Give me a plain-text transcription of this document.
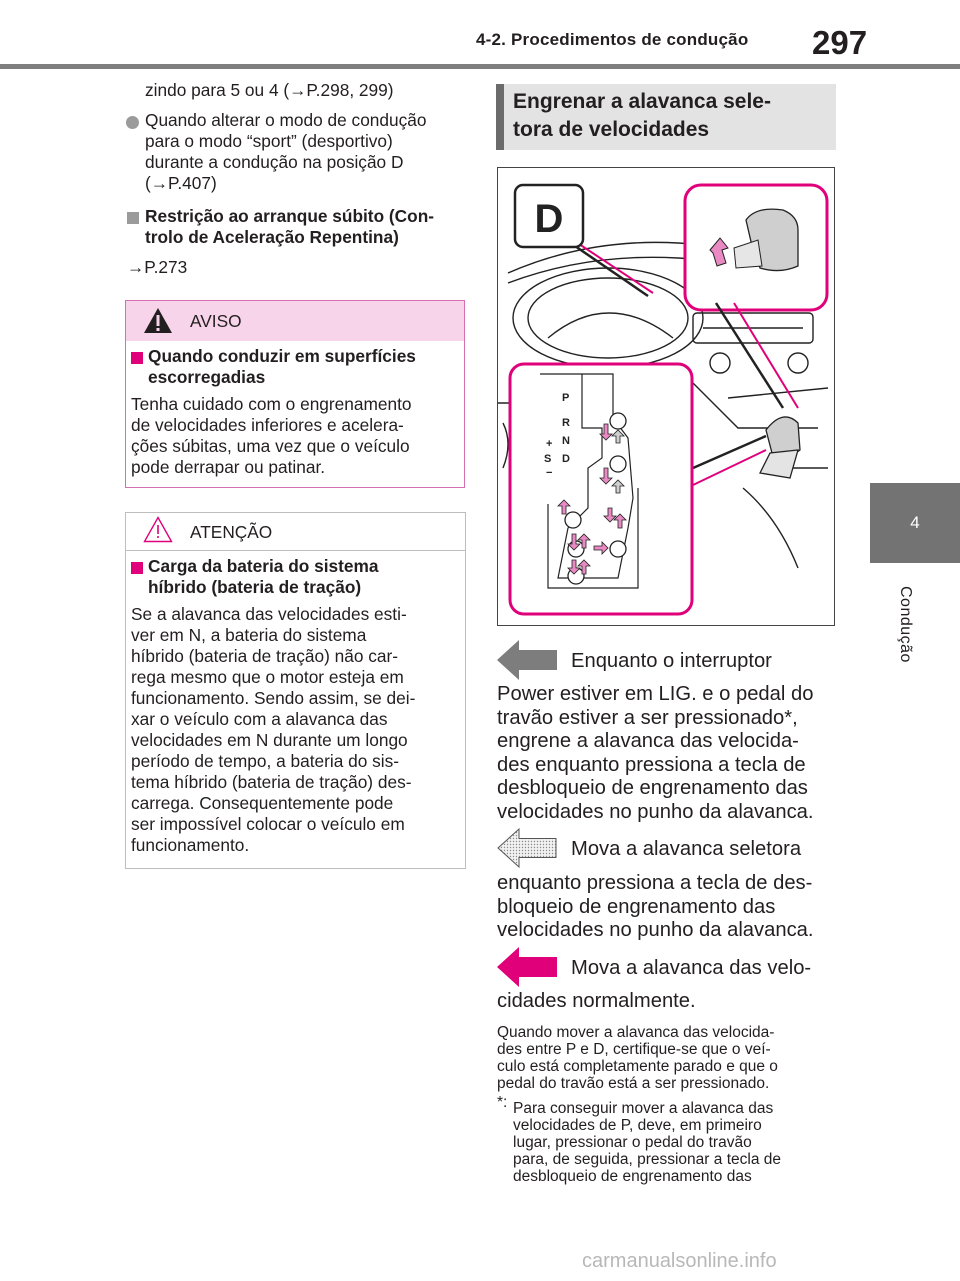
4-2. Procedimentos de condução 297
4
Condução
zindo para 5 ou 4 (→P.298, 299)
Quando alterar o modo de condução
para o modo “sport” (desportivo)
durante a condução na posição D
(→P.407)
Restrição ao arranque súbito (Con-
trolo de Aceleração Repentina)
→P.273
AVISO
Quando conduzir em superfícies
escorregadias
Tenha cuidado com o engrenamento
de velocidades inferiores e acelera-
ções súbitas, uma vez que o veículo
pode derrapar ou patinar.
ATENÇÃO
Carga da bateria do sistema
híbrido (bateria de tração)
Se a alavanca das velocidades esti-
ver em N, a bateria do sistema
híbrido (bateria de tração) não car-
rega mesmo que o motor esteja em
funcionamento. Sendo assim, se dei-
xar o veículo com a alavanca das
velocidades em N durante um longo
período de tempo, a bateria do sis-
tema híbrido (bateria de tração) des-
carrega. Consequentemente pode
ser impossível colocar o veículo em
funcionamento.
Engrenar a alavanca sele-
tora de velocidades
D
P
R
N
D
S
+
−
Enquanto o interruptor
Power estiver em LIG. e o pedal do
travão estiver a ser pressionado*,
engrene a alavanca das velocida-
des enquanto pressiona a tecla de
desbloqueio de engrenamento das
velocidades no punho da alavanca.
Mova a alavanca seletora
enquanto pressiona a tecla de des-
bloqueio de engrenamento das
velocidades no punho da alavanca.
Mova a alavanca das velo-
cidades normalmente.
Quando mover a alavanca das velocida-
des entre P e D, certifique-se que o veí-
culo está completamente parado e que o
pedal do travão está a ser pressionado.
*: Para conseguir mover a alavanca das
velocidades de P, deve, em primeiro
lugar, pressionar o pedal do travão
para, de seguida, pressionar a tecla de
desbloqueio de engrenamento das
carmanualsonline.info
